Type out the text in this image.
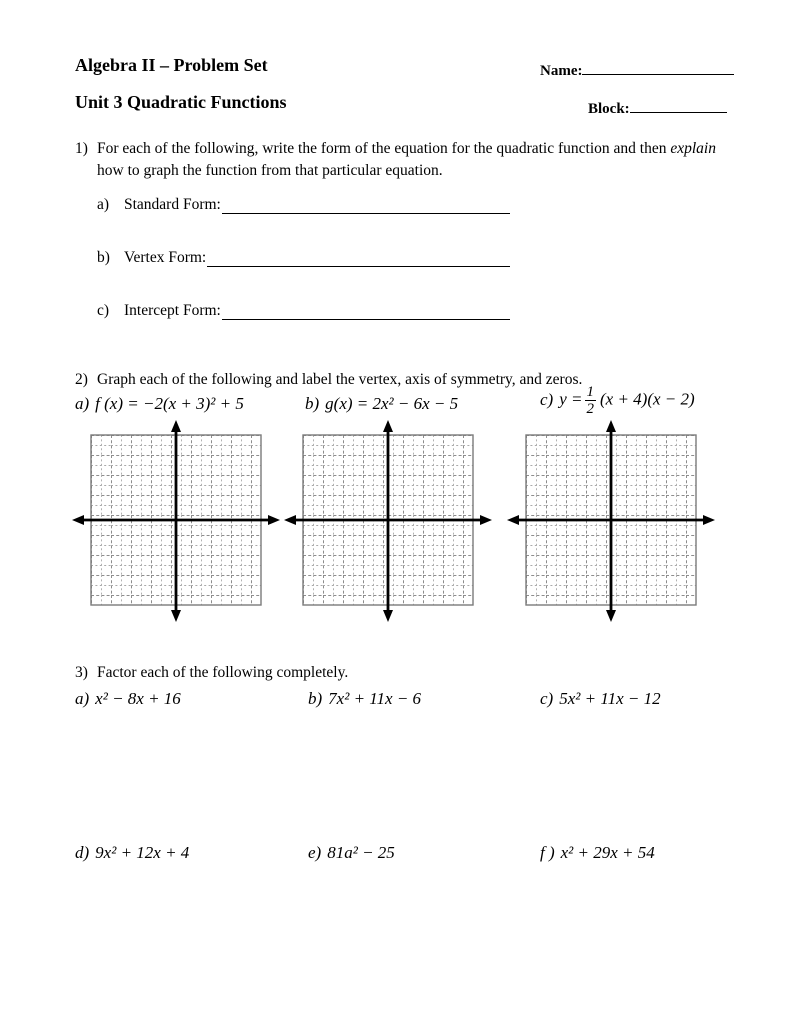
Algebra II – Problem Set	Name:
Unit 3 Quadratic Functions	Block:
1) For each of the following, write the form of the equation for the quadratic function and then explain
how to graph the function from that particular equation.
a) Standard Form:
b) Vertex Form:
c) Intercept Form:
2) Graph each of the following and label the vertex, axis of symmetry, and zeros.
a) f (x) = −2(x + 3)² + 5	b) g(x) = 2x² − 6x − 5	c) $y = \frac{1}{2} (x + 4)(x - 2)$
3) Factor each of the following completely.
a) x² − 8x + 16	b) 7x² + 11x − 6	c) 5x² + 11x − 12
d) 9x² + 12x + 4	e) 81a² − 25	f ) x² + 29x + 54
